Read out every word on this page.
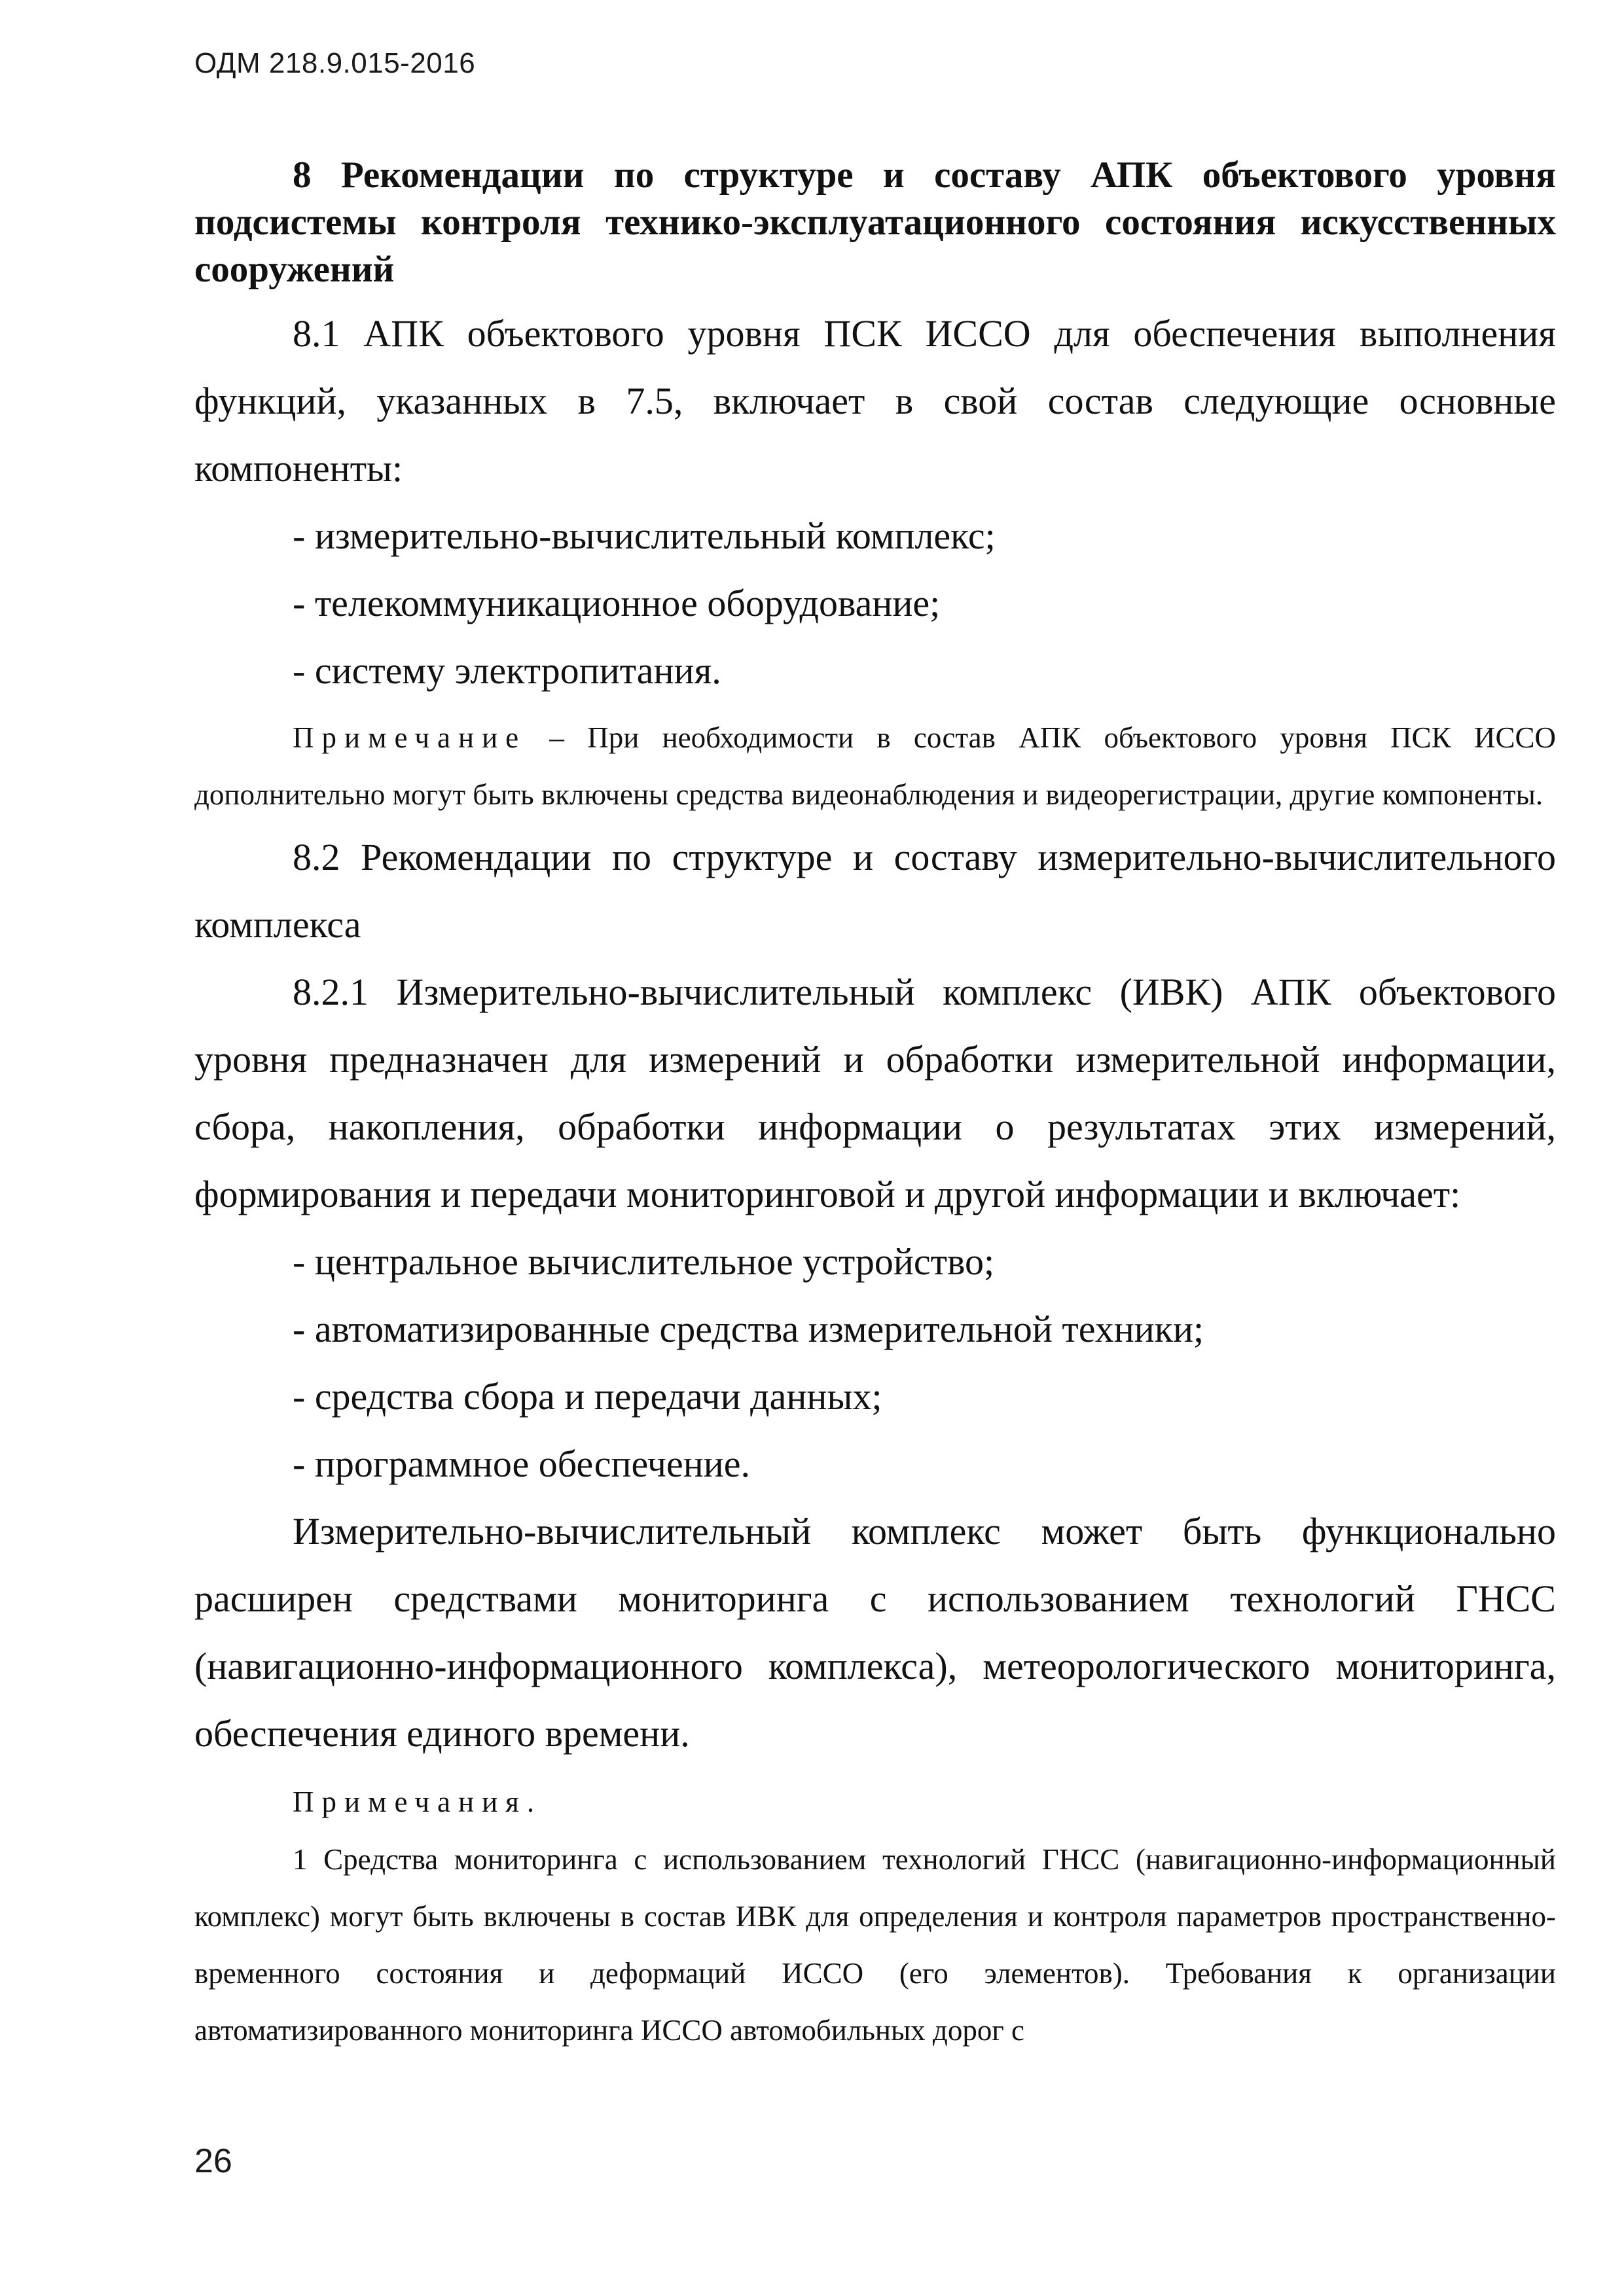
ОДМ 218.9.015-2016

8 Рекомендации по структуре и составу АПК объектового уровня подсистемы контроля технико-эксплуатационного состояния искусственных сооружений

8.1 АПК объектового уровня ПСК ИССО для обеспечения выполнения функций, указанных в 7.5, включает в свой состав следующие основные компоненты:

- измерительно-вычислительный комплекс;

- телекоммуникационное оборудование;

- систему электропитания.

Примечание – При необходимости в состав АПК объектового уровня ПСК ИССО дополнительно могут быть включены средства видеонаблюдения и видеорегистрации, другие компоненты.

8.2 Рекомендации по структуре и составу измерительно-вычислительного комплекса

8.2.1 Измерительно-вычислительный комплекс (ИВК) АПК объектового уровня предназначен для измерений и обработки измерительной информации, сбора, накопления, обработки информации о результатах этих измерений, формирования и передачи мониторинговой и другой информации и включает:

- центральное вычислительное устройство;

- автоматизированные средства измерительной техники;

- средства сбора и передачи данных;

- программное обеспечение.

Измерительно-вычислительный комплекс может быть функционально расширен средствами мониторинга с использованием технологий ГНСС (навигационно-информационного комплекса), метеорологического мониторинга, обеспечения единого времени.

Примечания.

1 Средства мониторинга с использованием технологий ГНСС (навигационно-информационный комплекс) могут быть включены в состав ИВК для определения и контроля параметров пространственно-временного состояния и деформаций ИССО (его элементов). Требования к организации автоматизированного мониторинга ИССО автомобильных дорог с

26
